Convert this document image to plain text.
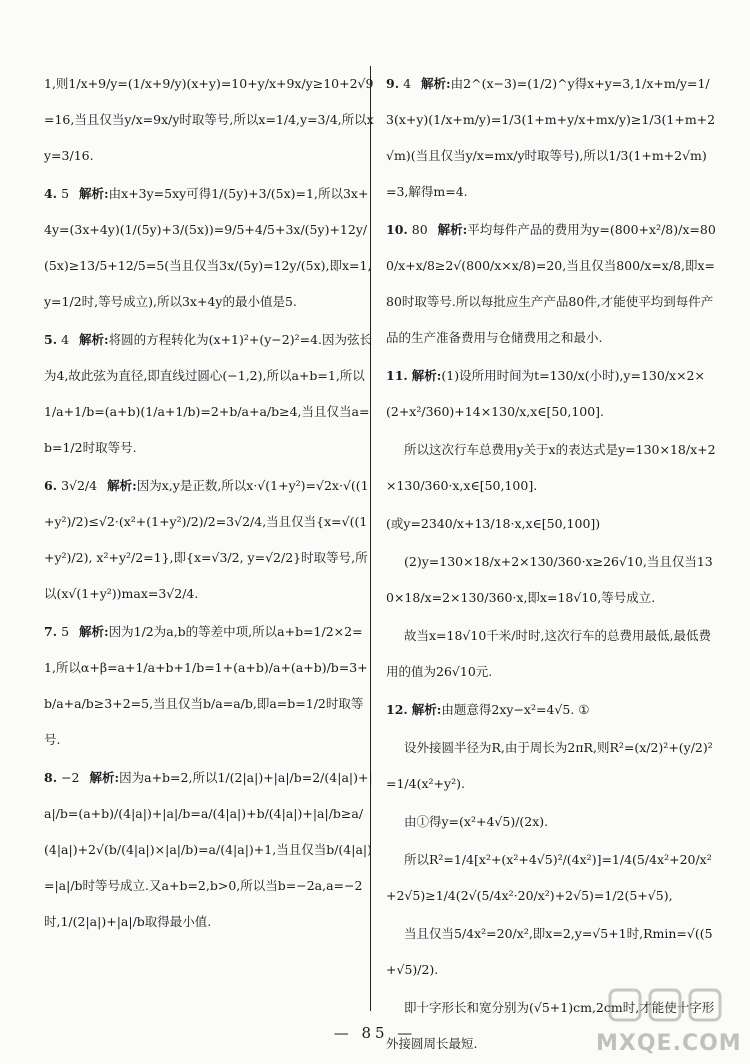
1,则1/x+9/y=(1/x+9/y)(x+y)=10+y/x+9x/y≥10+2√9=16,当且仅当y/x=9x/y时取等号,所以x=1/4,y=3/4,所以xy=3/16.

4. 5 解析:由x+3y=5xy可得1/(5y)+3/(5x)=1,所以3x+4y=(3x+4y)(1/(5y)+3/(5x))=9/5+4/5+3x/(5y)+12y/(5x)≥13/5+12/5=5(当且仅当3x/(5y)=12y/(5x),即x=1,y=1/2时,等号成立),所以3x+4y的最小值是5.

5. 4 解析:将圆的方程转化为(x+1)²+(y−2)²=4.因为弦长为4,故此弦为直径,即直线过圆心(−1,2),所以a+b=1,所以1/a+1/b=(a+b)(1/a+1/b)=2+b/a+a/b≥4,当且仅当a=b=1/2时取等号.

6. 3√2/4 解析:因为x,y是正数,所以x·√(1+y²)=√2x·√((1+y²)/2)≤√2·(x²+(1+y²)/2)/2=3√2/4,当且仅当{x=√((1+y²)/2), x²+y²/2=1},即{x=√3/2, y=√2/2}时取等号,所以(x√(1+y²))max=3√2/4.

7. 5 解析:因为1/2为a,b的等差中项,所以a+b=1/2×2=1,所以α+β=a+1/a+b+1/b=1+(a+b)/a+(a+b)/b=3+b/a+a/b≥3+2=5,当且仅当b/a=a/b,即a=b=1/2时取等号.

8. −2 解析:因为a+b=2,所以1/(2|a|)+|a|/b=2/(4|a|)+|a|/b=(a+b)/(4|a|)+|a|/b=a/(4|a|)+b/(4|a|)+|a|/b≥a/(4|a|)+2√(b/(4|a|)×|a|/b)=a/(4|a|)+1,当且仅当b/(4|a|)=|a|/b时等号成立.又a+b=2,b>0,所以当b=−2a,a=−2时,1/(2|a|)+|a|/b取得最小值.

9. 4 解析:由2^(x−3)=(1/2)^y得x+y=3,1/x+m/y=1/3(x+y)(1/x+m/y)=1/3(1+m+y/x+mx/y)≥1/3(1+m+2√m)(当且仅当y/x=mx/y时取等号),所以1/3(1+m+2√m)=3,解得m=4.

10. 80 解析:平均每件产品的费用为y=(800+x²/8)/x=800/x+x/8≥2√(800/x×x/8)=20,当且仅当800/x=x/8,即x=80时取等号.所以每批应生产产品80件,才能使平均到每件产品的生产准备费用与仓储费用之和最小.

11. 解析:(1)设所用时间为t=130/x(小时),y=130/x×2×(2+x²/360)+14×130/x,x∈[50,100].

所以这次行车总费用y关于x的表达式是y=130×18/x+2×130/360·x,x∈[50,100].

(或y=2340/x+13/18·x,x∈[50,100])

(2)y=130×18/x+2×130/360·x≥26√10,当且仅当130×18/x=2×130/360·x,即x=18√10,等号成立.

故当x=18√10千米/时时,这次行车的总费用最低,最低费用的值为26√10元.

12. 解析:由题意得2xy−x²=4√5. ①

设外接圆半径为R,由于周长为2πR,则R²=(x/2)²+(y/2)²=1/4(x²+y²).

由①得y=(x²+4√5)/(2x).

所以R²=1/4[x²+(x²+4√5)²/(4x²)]=1/4(5/4x²+20/x²+2√5)≥1/4(2√(5/4x²·20/x²)+2√5)=1/2(5+√5),

当且仅当5/4x²=20/x²,即x=2,y=√5+1时,Rmin=√((5+√5)/2).

即十字形长和宽分别为(√5+1)cm,2cm时,才能使十字形外接圆周长最短.

— 85 —	MXQE.COM
